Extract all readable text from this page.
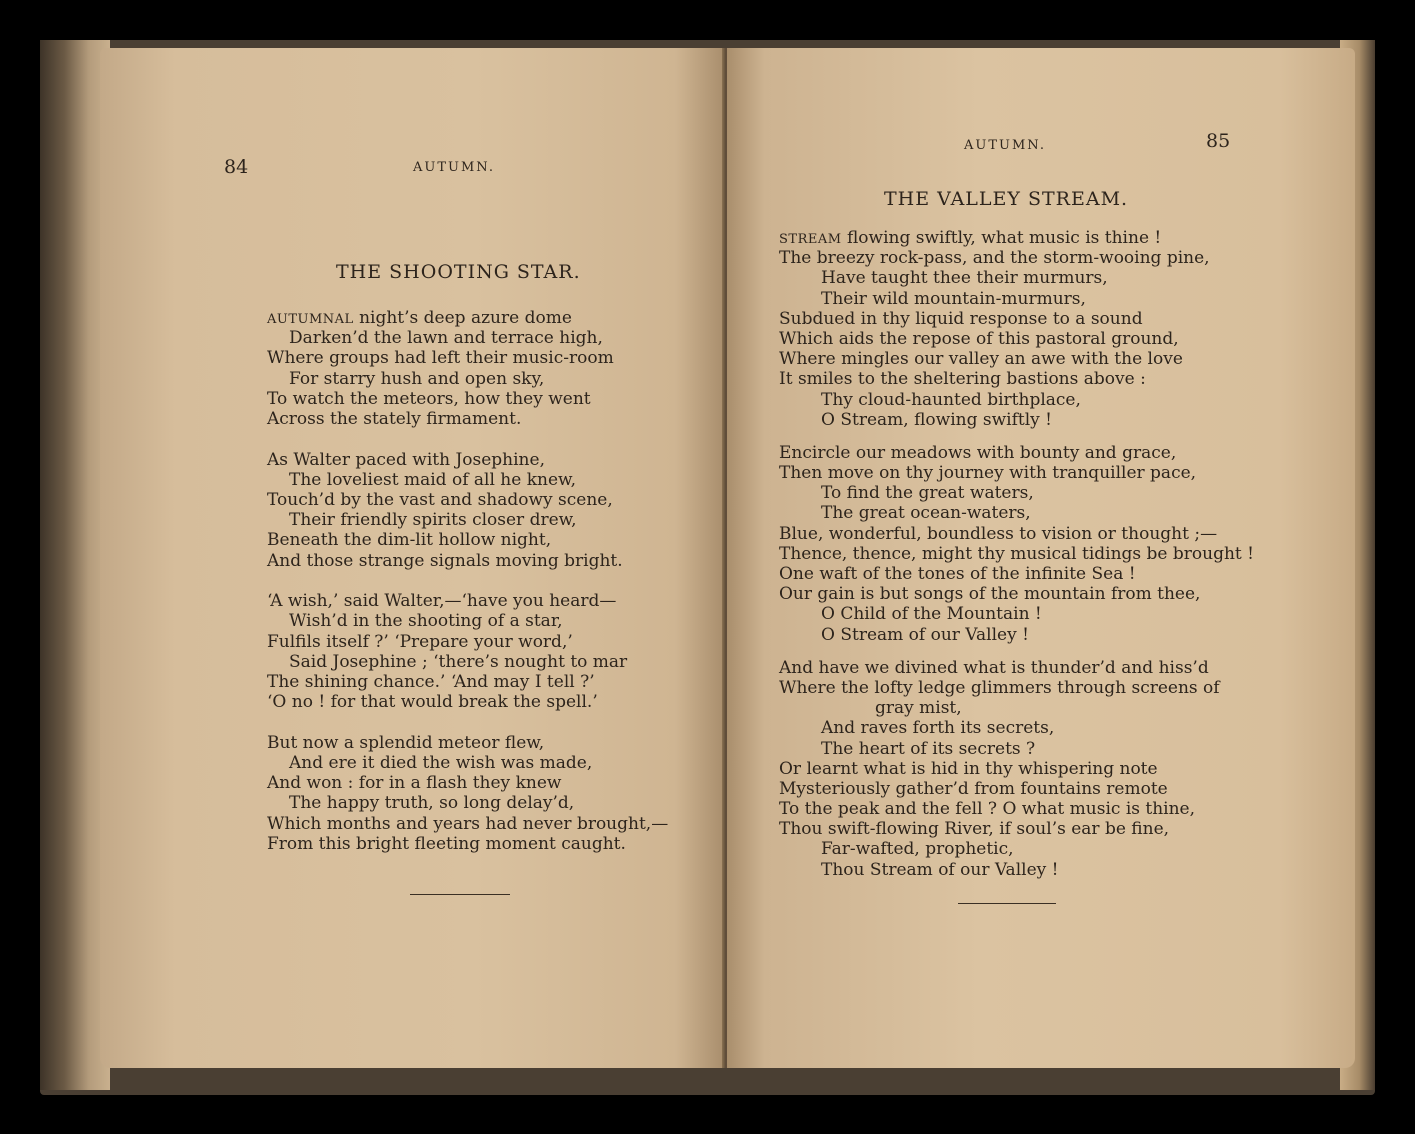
84	AUTUMN.
THE SHOOTING STAR.
AUTUMNAL night’s deep azure dome
Darken’d the lawn and terrace high,
Where groups had left their music-room
For starry hush and open sky,
To watch the meteors, how they went
Across the stately firmament.
As Walter paced with Josephine,
The loveliest maid of all he knew,
Touch’d by the vast and shadowy scene,
Their friendly spirits closer drew,
Beneath the dim-lit hollow night,
And those strange signals moving bright.
‘A wish,’ said Walter,—‘have you heard—
Wish’d in the shooting of a star,
Fulfils itself ?’ ‘Prepare your word,’
Said Josephine ; ‘there’s nought to mar
The shining chance.’ ‘And may I tell ?’
‘O no ! for that would break the spell.’
But now a splendid meteor flew,
And ere it died the wish was made,
And won : for in a flash they knew
The happy truth, so long delay’d,
Which months and years had never brought,—
From this bright fleeting moment caught.
AUTUMN.	85
THE VALLEY STREAM.
STREAM flowing swiftly, what music is thine !
The breezy rock-pass, and the storm-wooing pine,
Have taught thee their murmurs,
Their wild mountain-murmurs,
Subdued in thy liquid response to a sound
Which aids the repose of this pastoral ground,
Where mingles our valley an awe with the love
It smiles to the sheltering bastions above :
Thy cloud-haunted birthplace,
O Stream, flowing swiftly !
Encircle our meadows with bounty and grace,
Then move on thy journey with tranquiller pace,
To find the great waters,
The great ocean-waters,
Blue, wonderful, boundless to vision or thought ;—
Thence, thence, might thy musical tidings be brought !
One waft of the tones of the infinite Sea !
Our gain is but songs of the mountain from thee,
O Child of the Mountain !
O Stream of our Valley !
And have we divined what is thunder’d and hiss’d
Where the lofty ledge glimmers through screens of
gray mist,
And raves forth its secrets,
The heart of its secrets ?
Or learnt what is hid in thy whispering note
Mysteriously gather’d from fountains remote
To the peak and the fell ? O what music is thine,
Thou swift-flowing River, if soul’s ear be fine,
Far-wafted, prophetic,
Thou Stream of our Valley !
